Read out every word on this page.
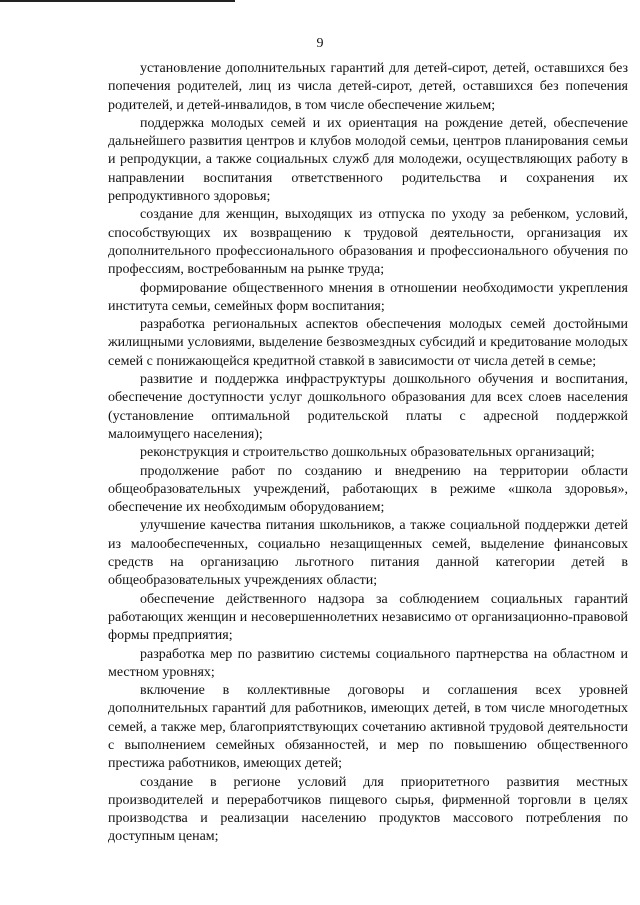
9

установление дополнительных гарантий для детей-сирот, детей, оставшихся без попечения родителей, лиц из числа детей-сирот, детей, оставшихся без попечения родителей, и детей-инвалидов, в том числе обеспечение жильем;

поддержка молодых семей и их ориентация на рождение детей, обеспечение дальнейшего развития центров и клубов молодой семьи, центров планирования семьи и репродукции, а также социальных служб для молодежи, осуществляющих работу в направлении воспитания ответственного родительства и сохранения их репродуктивного здоровья;

создание для женщин, выходящих из отпуска по уходу за ребенком, условий, способствующих их возвращению к трудовой деятельности, организация их дополнительного профессионального образования и профессионального обучения по профессиям, востребованным на рынке труда;

формирование общественного мнения в отношении необходимости укрепления института семьи, семейных форм воспитания;

разработка региональных аспектов обеспечения молодых семей достойными жилищными условиями, выделение безвозмездных субсидий и кредитование молодых семей с понижающейся кредитной ставкой в зависимости от числа детей в семье;

развитие и поддержка инфраструктуры дошкольного обучения и воспитания, обеспечение доступности услуг дошкольного образования для всех слоев населения (установление оптимальной родительской платы с адресной поддержкой малоимущего населения);

реконструкция и строительство дошкольных образовательных организаций;

продолжение работ по созданию и внедрению на территории области общеобразовательных учреждений, работающих в режиме «школа здоровья», обеспечение их необходимым оборудованием;

улучшение качества питания школьников, а также социальной поддержки детей из малообеспеченных, социально незащищенных семей, выделение финансовых средств на организацию льготного питания данной категории детей в общеобразовательных учреждениях области;

обеспечение действенного надзора за соблюдением социальных гарантий работающих женщин и несовершеннолетних независимо от организационно-правовой формы предприятия;

разработка мер по развитию системы социального партнерства на областном и местном уровнях;

включение в коллективные договоры и соглашения всех уровней дополнительных гарантий для работников, имеющих детей, в том числе многодетных семей, а также мер, благоприятствующих сочетанию активной трудовой деятельности с выполнением семейных обязанностей, и мер по повышению общественного престижа работников, имеющих детей;

создание в регионе условий для приоритетного развития местных производителей и переработчиков пищевого сырья, фирменной торговли в целях производства и реализации населению продуктов массового потребления по доступным ценам;
